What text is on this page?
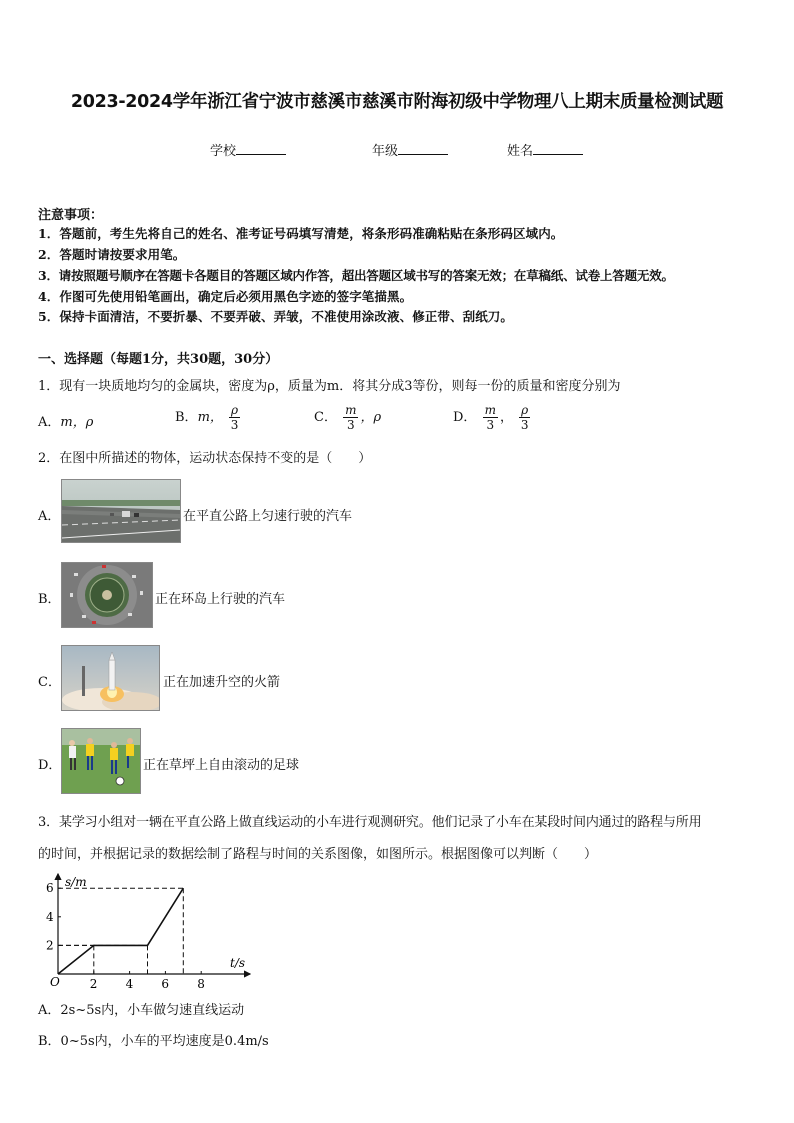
2023-2024学年浙江省宁波市慈溪市慈溪市附海初级中学物理八上期末质量检测试题
学校	年级	姓名
注意事项：
1．答题前，考生先将自己的姓名、准考证号码填写清楚，将条形码准确粘贴在条形码区域内。
2．答题时请按要求用笔。
3．请按照题号顺序在答题卡各题目的答题区域内作答，超出答题区域书写的答案无效；在草稿纸、试卷上答题无效。
4．作图可先使用铅笔画出，确定后必须用黑色字迹的签字笔描黑。
5．保持卡面清洁，不要折暴、不要弄破、弄皱，不准使用涂改液、修正带、刮纸刀。
一、选择题（每题1分，共30题，30分）
1．现有一块质地均匀的金属块，密度为ρ，质量为m．将其分成3等份，则每一份的质量和密度分别为
A．m，ρ	B．m， $\frac{\rho}{3}$	C． $\frac{m}{3}$ ，ρ	D． $\frac{m}{3}$ ， $\frac{\rho}{3}$
2．在图中所描述的物体，运动状态保持不变的是（　　）
A．	在平直公路上匀速行驶的汽车
B．	正在环岛上行驶的汽车
C．	正在加速升空的火箭
D．	正在草坪上自由滚动的足球
3．某学习小组对一辆在平直公路上做直线运动的小车进行观测研究。他们记录了小车在某段时间内通过的路程与所用
的时间，并根据记录的数据绘制了路程与时间的关系图像，如图所示。根据图像可以判断（　　）
2 4 6 8
2
4
6 s/m
t/s
O
A．2s~5s内，小车做匀速直线运动
B．0~5s内，小车的平均速度是0.4m/s
